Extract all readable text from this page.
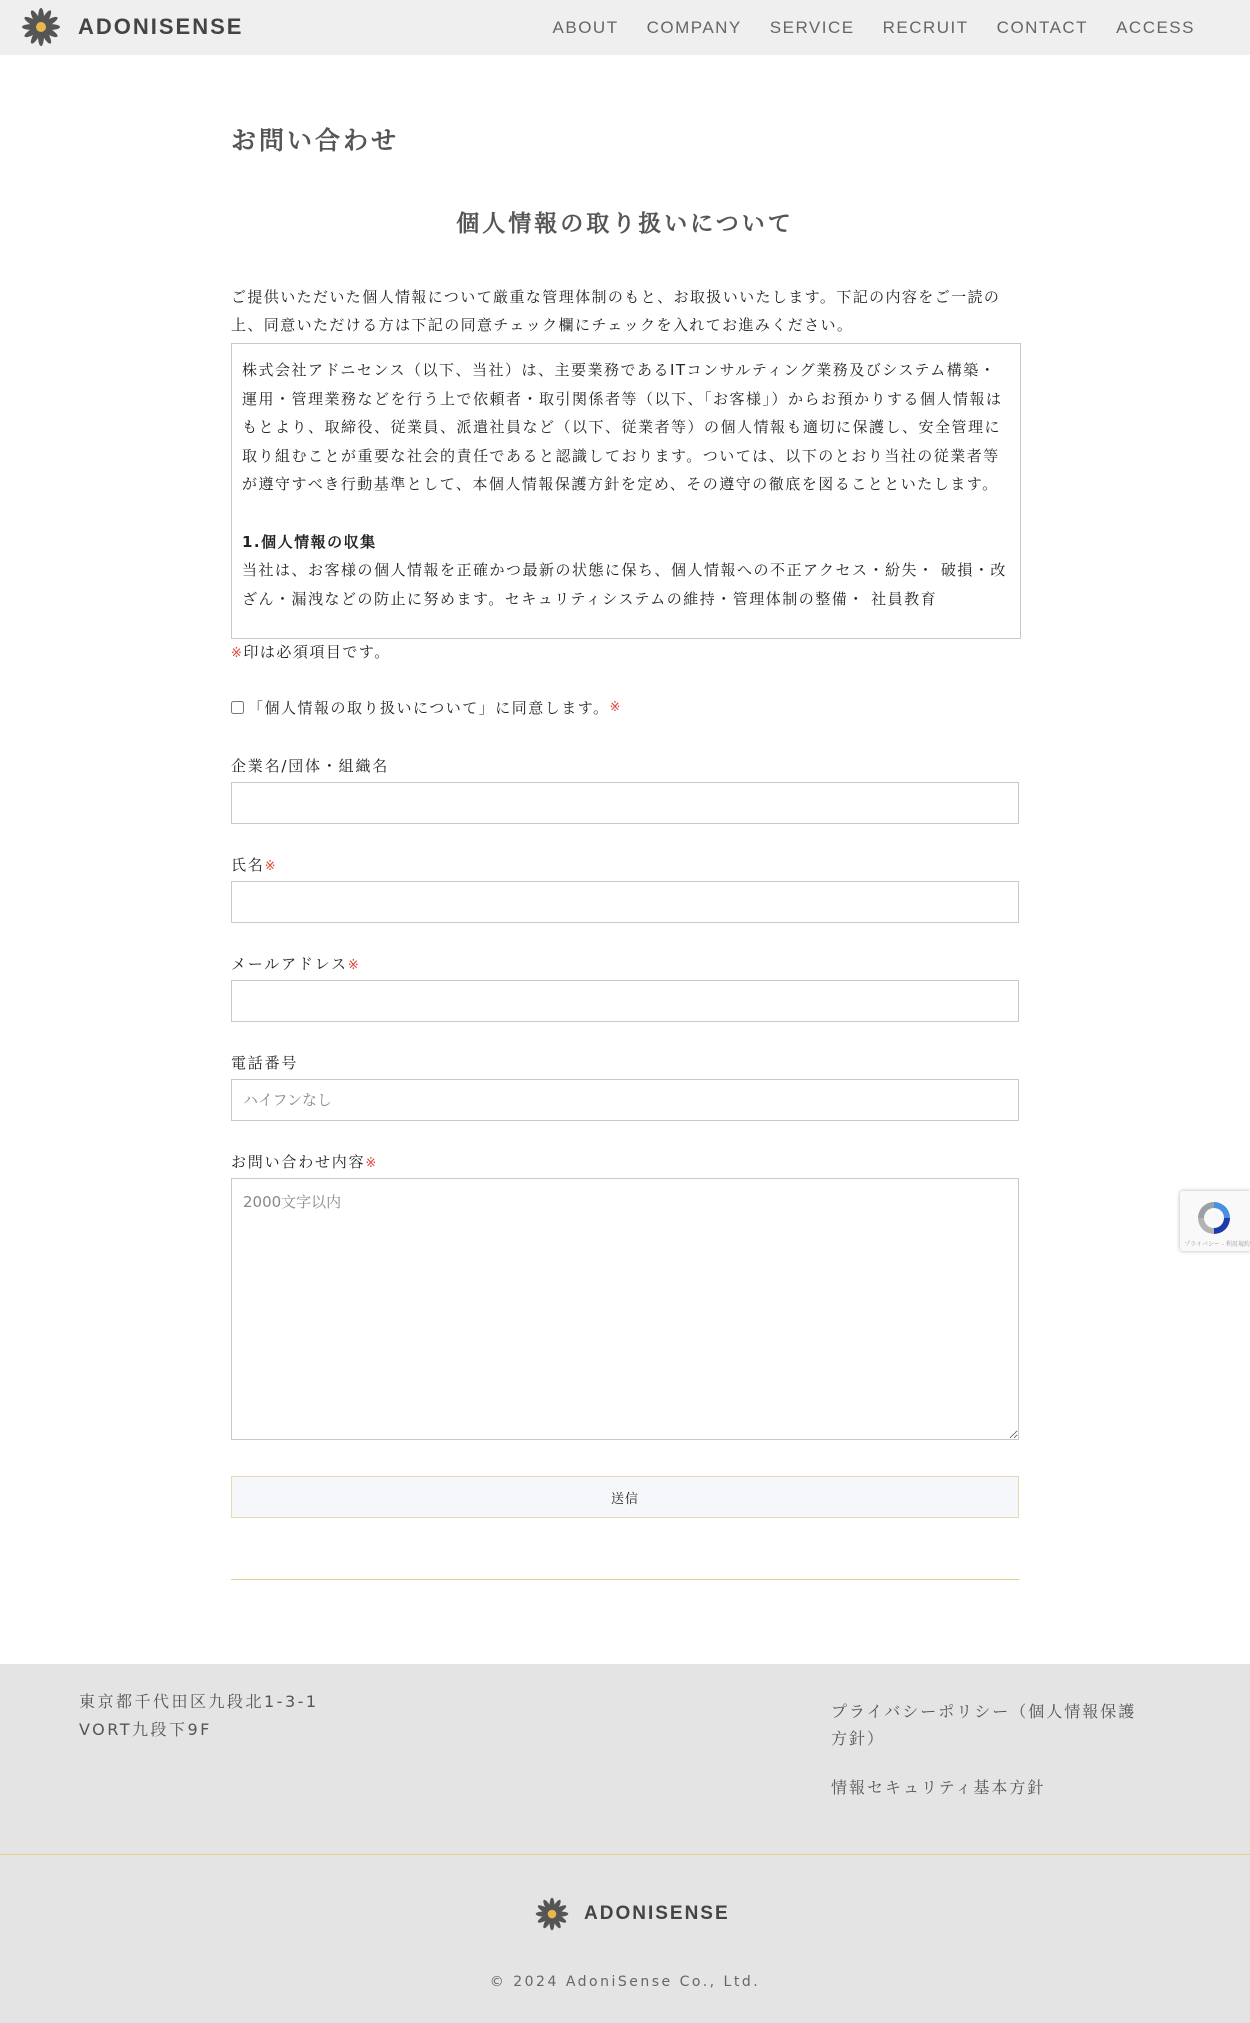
ADONISENSE	ABOUT COMPANY SERVICE RECRUIT CONTACT ACCESS
お問い合わせ
個人情報の取り扱いについて

ご提供いただいた個人情報について厳重な管理体制のもと、お取扱いいたします。下記の内容をご一読の上、同意いただける方は下記の同意チェック欄にチェックを入れてお進みください。

株式会社アドニセンス（以下、当社）は、主要業務であるITコンサルティング業務及びシステム構築・運用・管理業務などを行う上で依頼者・取引関係者等（以下、「お客様」）からお預かりする個人情報はもとより、取締役、従業員、派遣社員など（以下、従業者等）の個人情報も適切に保護し、安全管理に取り組むことが重要な社会的責任であると認識しております。ついては、以下のとおり当社の従業者等が遵守すべき行動基準として、本個人情報保護方針を定め、その遵守の徹底を図ることといたします。

1.個人情報の収集

当社は、お客様の個人情報を正確かつ最新の状態に保ち、個人情報への不正アクセス・紛失・ 破損・改ざん・漏洩などの防止に努めます。セキュリティシステムの維持・管理体制の整備・ 社員教育

※印は必須項目です。
「個人情報の取り扱いについて」に同意します。 ※
企業名/団体・組織名
氏名※
メールアドレス※
電話番号
ハイフンなし
お問い合わせ内容※
2000文字以内
送信
プライバシー - 利用規約
東京都千代田区九段北1-3-1
VORT九段下9F
プライバシーポリシー（個人情報保護方針）
情報セキュリティ基本方針
ADONISENSE
© 2024 AdoniSense Co., Ltd.
